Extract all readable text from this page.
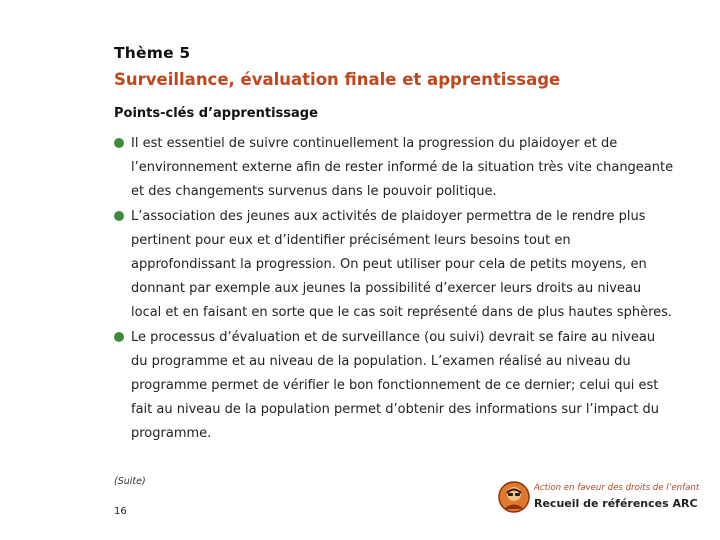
Thème 5
Surveillance, évaluation finale et apprentissage
Points-clés d’apprentissage
Il est essentiel de suivre continuellement la progression du plaidoyer et de l’environnement externe afin de rester informé de la situation très vite changeante et des changements survenus dans le pouvoir politique.
L’association des jeunes aux activités de plaidoyer permettra de le rendre plus pertinent pour eux et d’identifier précisément leurs besoins tout en approfondissant la progression. On peut utiliser pour cela de petits moyens, en donnant par exemple aux jeunes la possibilité d’exercer leurs droits au niveau local et en faisant en sorte que le cas soit représenté dans de plus hautes sphères.
Le processus d’évaluation et de surveillance (ou suivi) devrait se faire au niveau du programme et au niveau de la population. L’examen réalisé au niveau du programme permet de vérifier le bon fonctionnement de ce dernier; celui qui est fait au niveau de la population permet d’obtenir des informations sur l’impact du programme.
(Suite)
16
Action en faveur des droits de l’enfant
Recueil de références ARC
